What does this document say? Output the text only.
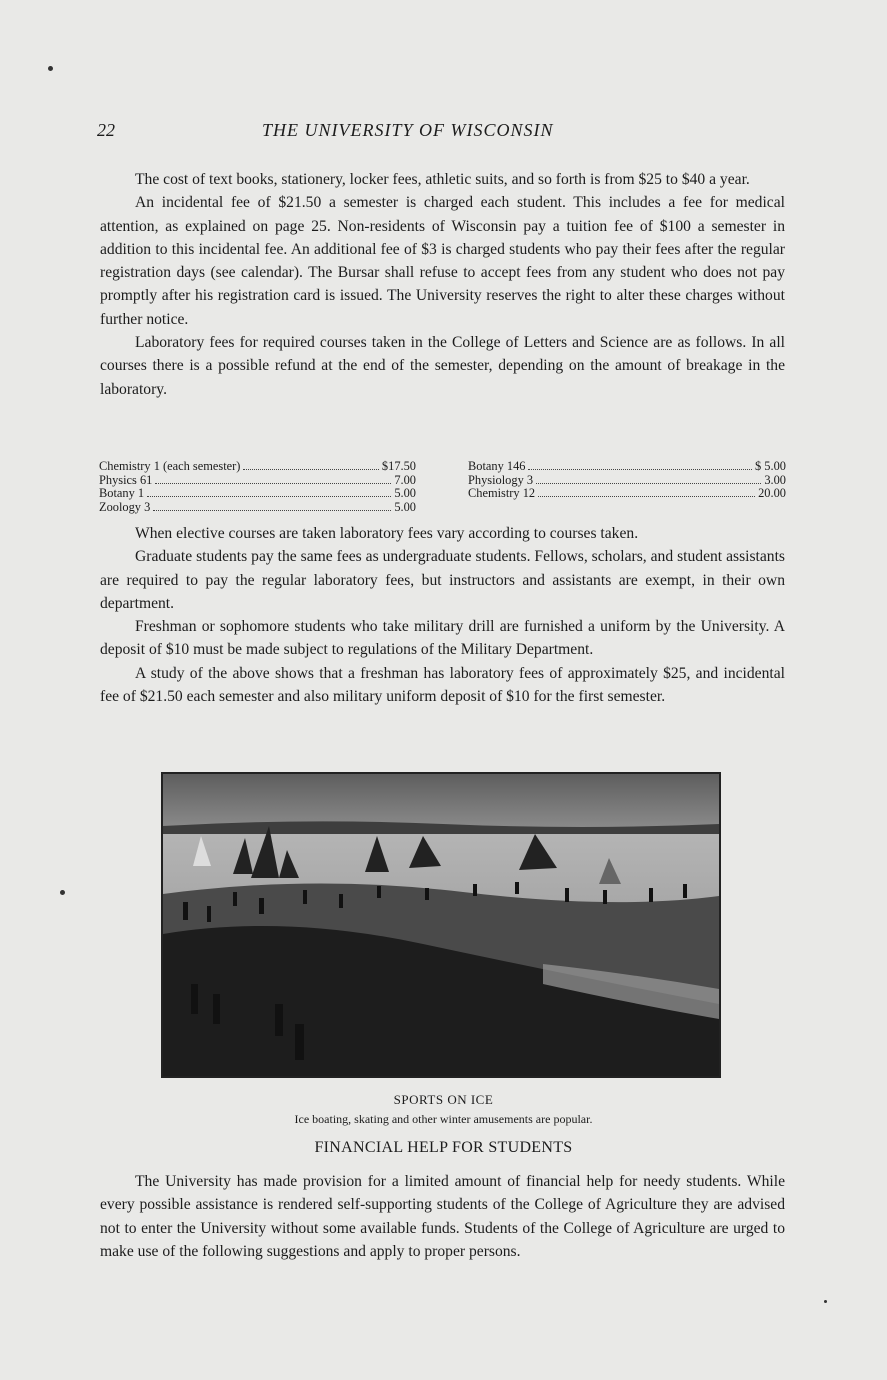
22	THE UNIVERSITY OF WISCONSIN

The cost of text books, stationery, locker fees, athletic suits, and so forth is from $25 to $40 a year.

An incidental fee of $21.50 a semester is charged each student. This includes a fee for medical attention, as explained on page 25. Non-residents of Wisconsin pay a tuition fee of $100 a semester in addition to this incidental fee. An additional fee of $3 is charged students who pay their fees after the regular registration days (see calendar). The Bursar shall refuse to accept fees from any student who does not pay promptly after his registration card is issued. The University reserves the right to alter these charges without further notice.

Laboratory fees for required courses taken in the College of Letters and Science are as follows. In all courses there is a possible refund at the end of the semester, depending on the amount of breakage in the laboratory.

Chemistry 1 (each semester)	$17.50
Physics 61	7.00
Botany 1	5.00
Zoology 3	5.00
Botany 146	$ 5.00
Physiology 3	3.00
Chemistry 12	20.00

When elective courses are taken laboratory fees vary according to courses taken.

Graduate students pay the same fees as undergraduate students. Fellows, scholars, and student assistants are required to pay the regular laboratory fees, but instructors and assistants are exempt, in their own department.

Freshman or sophomore students who take military drill are furnished a uniform by the University. A deposit of $10 must be made subject to regulations of the Military Department.

A study of the above shows that a freshman has laboratory fees of approximately $25, and incidental fee of $21.50 each semester and also military uniform deposit of $10 for the first semester.

SPORTS ON ICE
Ice boating, skating and other winter amusements are popular.
FINANCIAL HELP FOR STUDENTS

The University has made provision for a limited amount of financial help for needy students. While every possible assistance is rendered self-supporting students of the College of Agriculture they are advised not to enter the University without some available funds. Students of the College of Agriculture are urged to make use of the following suggestions and apply to proper persons.
